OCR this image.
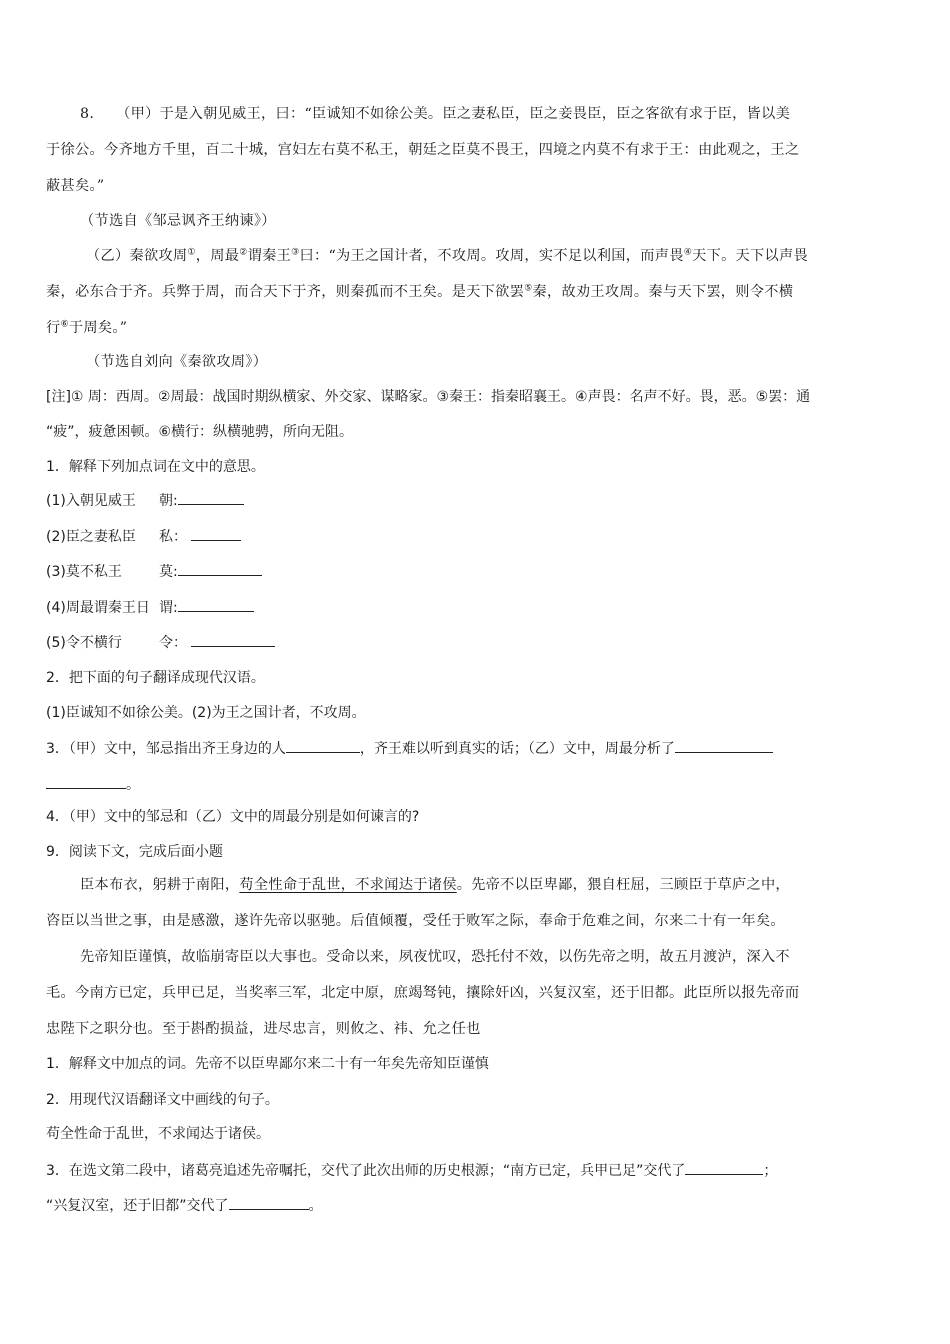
8. （甲）于是入朝见威王，曰：“臣诚知不如徐公美。臣之妻私臣，臣之妾畏臣，臣之客欲有求于臣，皆以美
于徐公。今齐地方千里，百二十城，宫妇左右莫不私王，朝廷之臣莫不畏王，四境之内莫不有求于王：由此观之，王之
蔽甚矣。”
（节选自《邹忌讽齐王纳谏》）
（乙）秦欲攻周①，周最②谓秦王③曰：“为王之国计者，不攻周。攻周，实不足以利国，而声畏④天下。天下以声畏
秦，必东合于齐。兵弊于周，而合天下于齐，则秦孤而不王矣。是天下欲罢⑤秦，故劝王攻周。秦与天下罢，则令不横
行⑥于周矣。”
（节选自刘向《秦欲攻周》）
[注]① 周：西周。②周最：战国时期纵横家、外交家、谋略家。③秦王：指秦昭襄王。④声畏：名声不好。畏，恶。⑤罢：通
“疲”，疲惫困顿。⑥横行：纵横驰骋，所向无阻。
1．解释下列加点词在文中的意思。
(1)入朝见威王 朝:
(2)臣之妻私臣 私：
(3)莫不私王	莫:
(4)周最谓秦王日 谓:
(5)令不横行	令：
2．把下面的句子翻译成现代汉语。
(1)臣诚知不如徐公美。(2)为王之国计者，不攻周。
3．（甲）文中，邹忌指出齐王身边的人	，齐王难以听到真实的话；（乙）文中，周最分析了
。
4．（甲）文中的邹忌和（乙）文中的周最分别是如何谏言的?
9．阅读下文，完成后面小题
臣本布衣，躬耕于南阳，苟全性命于乱世，不求闻达于诸侯。先帝不以臣卑鄙，猥自枉屈，三顾臣于草庐之中，
咨臣以当世之事，由是感激，遂许先帝以驱驰。后值倾覆，受任于败军之际，奉命于危难之间，尔来二十有一年矣。
先帝知臣谨慎，故临崩寄臣以大事也。受命以来，夙夜忧叹，恐托付不效，以伤先帝之明，故五月渡泸，深入不
毛。今南方已定，兵甲已足，当奖率三军，北定中原，庶竭驽钝，攘除奸凶，兴复汉室，还于旧都。此臣所以报先帝而
忠陛下之职分也。至于斟酌损益，进尽忠言，则攸之、祎、允之任也
1．解释文中加点的词。先帝不以臣卑鄙尔来二十有一年矣先帝知臣谨慎
2．用现代汉语翻译文中画线的句子。
苟全性命于乱世，不求闻达于诸侯。
3．在选文第二段中，诸葛亮追述先帝嘱托，交代了此次出师的历史根源；“南方已定，兵甲已足”交代了	；
“兴复汉室，还于旧都”交代了	。
